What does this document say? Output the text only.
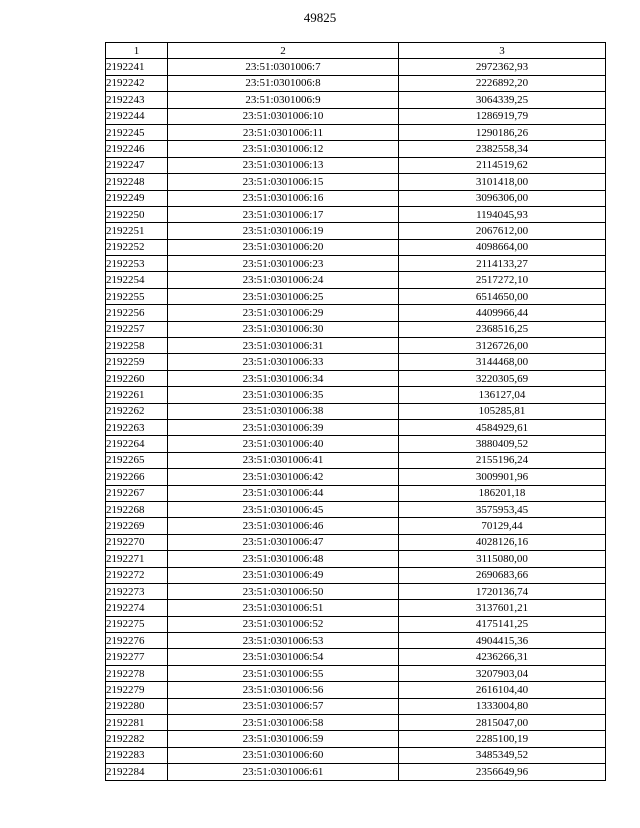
49825
1	2	3
2192241	23:51:0301006:7	2972362,93
2192242	23:51:0301006:8	2226892,20
2192243	23:51:0301006:9	3064339,25
2192244	23:51:0301006:10	1286919,79
2192245	23:51:0301006:11	1290186,26
2192246	23:51:0301006:12	2382558,34
2192247	23:51:0301006:13	2114519,62
2192248	23:51:0301006:15	3101418,00
2192249	23:51:0301006:16	3096306,00
2192250	23:51:0301006:17	1194045,93
2192251	23:51:0301006:19	2067612,00
2192252	23:51:0301006:20	4098664,00
2192253	23:51:0301006:23	2114133,27
2192254	23:51:0301006:24	2517272,10
2192255	23:51:0301006:25	6514650,00
2192256	23:51:0301006:29	4409966,44
2192257	23:51:0301006:30	2368516,25
2192258	23:51:0301006:31	3126726,00
2192259	23:51:0301006:33	3144468,00
2192260	23:51:0301006:34	3220305,69
2192261	23:51:0301006:35	136127,04
2192262	23:51:0301006:38	105285,81
2192263	23:51:0301006:39	4584929,61
2192264	23:51:0301006:40	3880409,52
2192265	23:51:0301006:41	2155196,24
2192266	23:51:0301006:42	3009901,96
2192267	23:51:0301006:44	186201,18
2192268	23:51:0301006:45	3575953,45
2192269	23:51:0301006:46	70129,44
2192270	23:51:0301006:47	4028126,16
2192271	23:51:0301006:48	3115080,00
2192272	23:51:0301006:49	2690683,66
2192273	23:51:0301006:50	1720136,74
2192274	23:51:0301006:51	3137601,21
2192275	23:51:0301006:52	4175141,25
2192276	23:51:0301006:53	4904415,36
2192277	23:51:0301006:54	4236266,31
2192278	23:51:0301006:55	3207903,04
2192279	23:51:0301006:56	2616104,40
2192280	23:51:0301006:57	1333004,80
2192281	23:51:0301006:58	2815047,00
2192282	23:51:0301006:59	2285100,19
2192283	23:51:0301006:60	3485349,52
2192284	23:51:0301006:61	2356649,96
